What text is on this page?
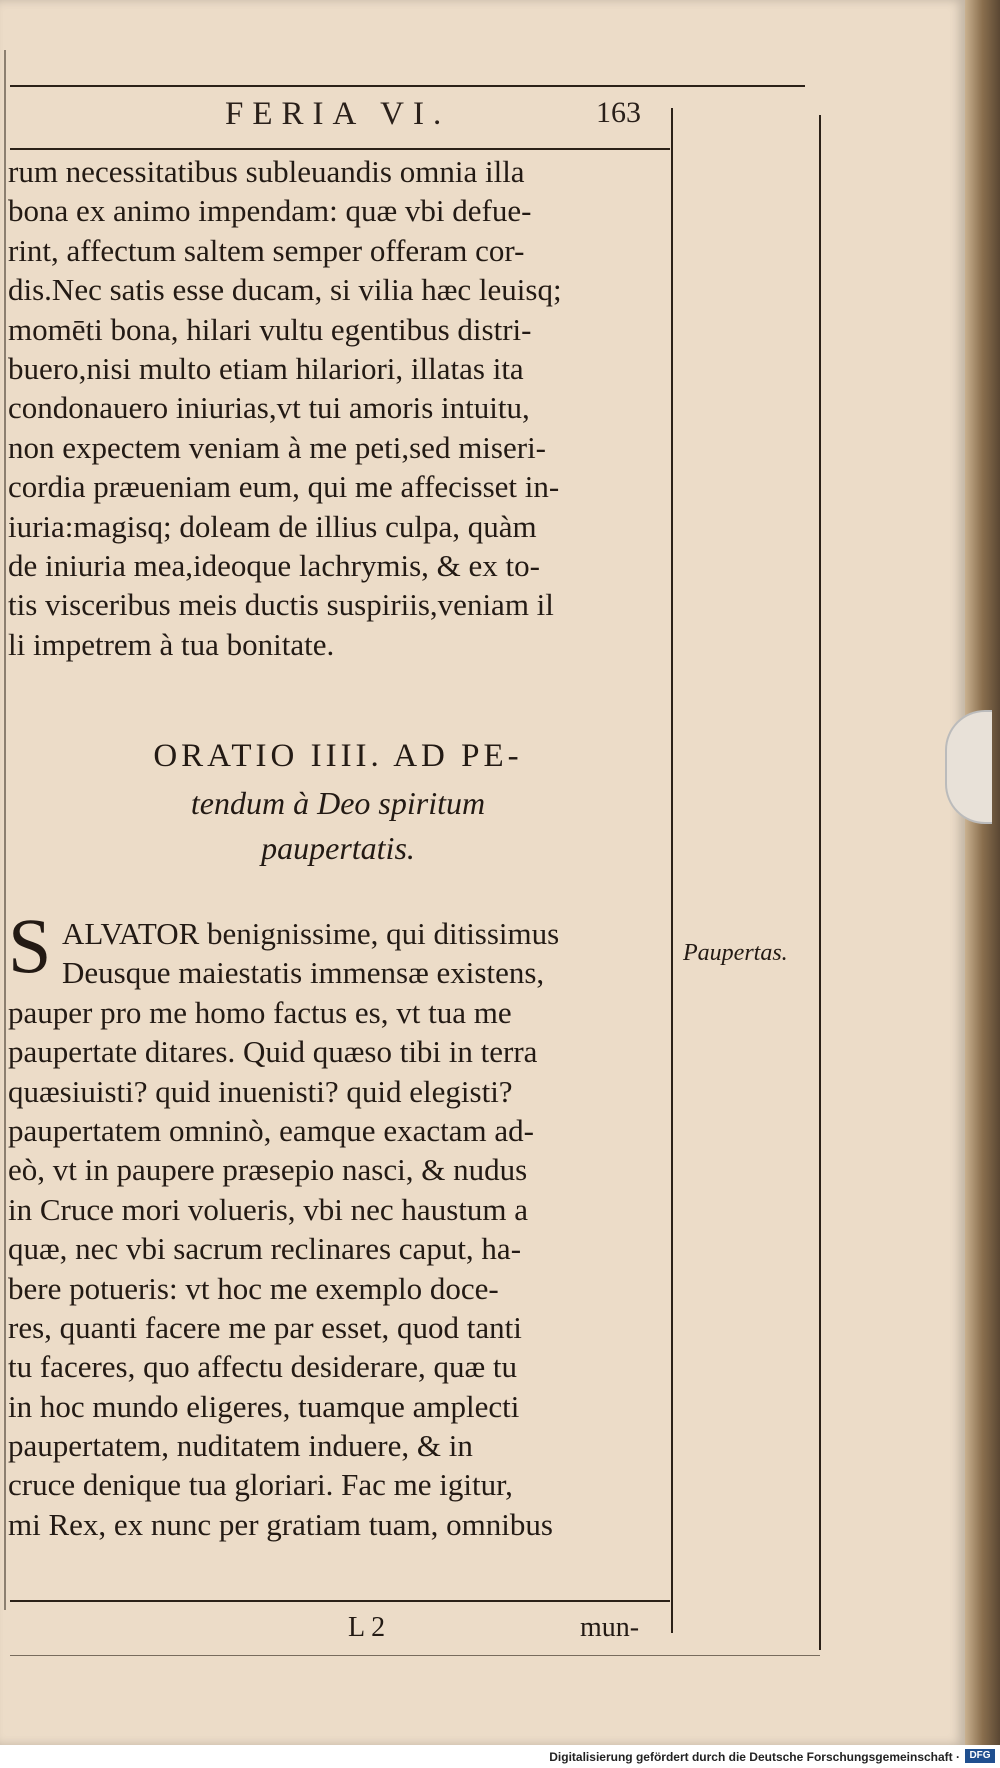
FERIA VI.	163
rum necessitatibus subleuandis omnia illa
bona ex animo impendam: quæ vbi defue-
rint, affectum saltem semper offeram cor-
dis.Nec satis esse ducam, si vilia hæc leuisq;
momēti bona, hilari vultu egentibus distri-
buero,nisi multo etiam hilariori, illatas ita
condonauero iniurias,vt tui amoris intuitu,
non expectem veniam à me peti,sed miseri-
cordia præueniam eum, qui me affecisset in-
iuria:magisq; doleam de illius culpa, quàm
de iniuria mea,ideoque lachrymis, & ex to-
tis visceribus meis ductis suspiriis,veniam il
li impetrem à tua bonitate.
ORATIO IIII. AD PE-
tendum à Deo spiritum
paupertatis.
S ALVATOR benignissime, qui ditissimus
Deusque maiestatis immensæ existens,
pauper pro me homo factus es, vt tua me
paupertate ditares. Quid quæso tibi in terra
quæsiuisti? quid inuenisti? quid elegisti?
paupertatem omninò, eamque exactam ad-
eò, vt in paupere præsepio nasci, & nudus
in Cruce mori volueris, vbi nec haustum a
quæ, nec vbi sacrum reclinares caput, ha-
bere potueris: vt hoc me exemplo doce-
res, quanti facere me par esset, quod tanti
tu faceres, quo affectu desiderare, quæ tu
in hoc mundo eligeres, tuamque amplecti
paupertatem, nuditatem induere, & in
cruce denique tua gloriari. Fac me igitur,
mi Rex, ex nunc per gratiam tuam, omnibus
Paupertas.
L 2	mun-
Digitalisierung gefördert durch die Deutsche Forschungsgemeinschaft · DFG
